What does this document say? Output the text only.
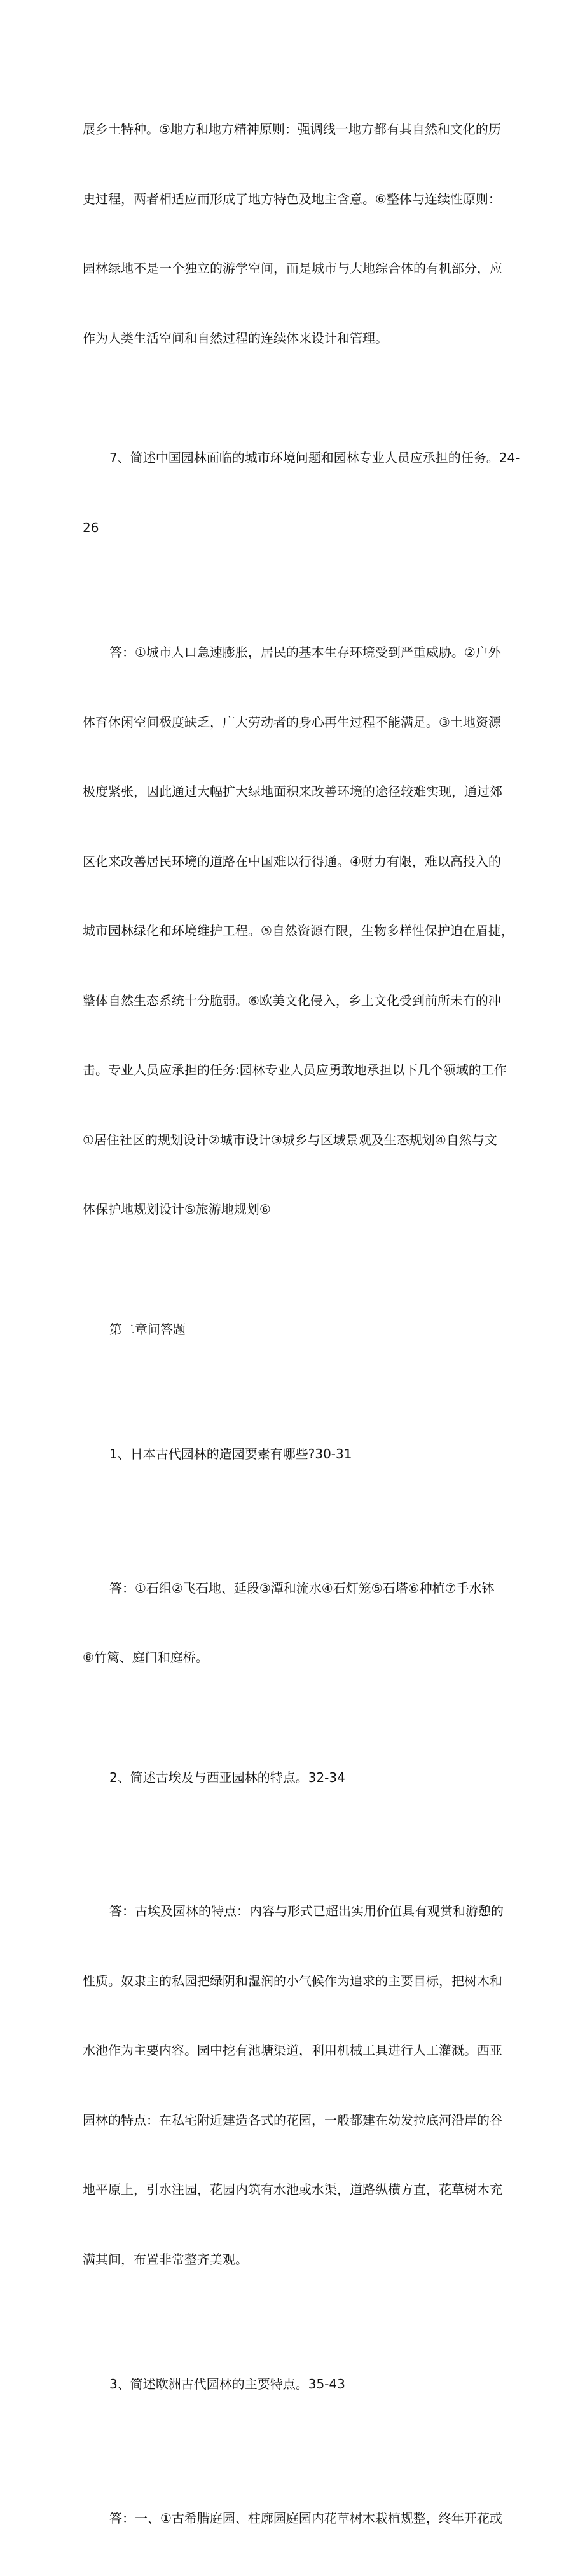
展乡土特种。⑤地方和地方精神原则：强调线一地方都有其自然和文化的历

史过程，两者相适应而形成了地方特色及地主含意。⑥整体与连续性原则：

园林绿地不是一个独立的游学空间，而是城市与大地综合体的有机部分，应

作为人类生活空间和自然过程的连续体来设计和管理。

7、简述中国园林面临的城市环境问题和园林专业人员应承担的任务。24-

26

答：①城市人口急速膨胀，居民的基本生存环境受到严重威胁。②户外

体育休闲空间极度缺乏，广大劳动者的身心再生过程不能满足。③土地资源

极度紧张，因此通过大幅扩大绿地面积来改善环境的途径较难实现，通过郊

区化来改善居民环境的道路在中国难以行得通。④财力有限，难以高投入的

城市园林绿化和环境维护工程。⑤自然资源有限，生物多样性保护迫在眉捷，

整体自然生态系统十分脆弱。⑥欧美文化侵入，乡土文化受到前所未有的冲

击。专业人员应承担的任务:园林专业人员应勇敢地承担以下几个领域的工作

①居住社区的规划设计②城市设计③城乡与区域景观及生态规划④自然与文

体保护地规划设计⑤旅游地规划⑥

第二章问答题

1、日本古代园林的造园要素有哪些?30-31

答：①石组②飞石地、延段③潭和流水④石灯笼⑤石塔⑥种植⑦手水钵

⑧竹篱、庭门和庭桥。

2、简述古埃及与西亚园林的特点。32-34

答：古埃及园林的特点：内容与形式已超出实用价值具有观赏和游憩的

性质。奴隶主的私园把绿阴和湿润的小气候作为追求的主要目标，把树木和

水池作为主要内容。园中挖有池塘渠道，利用机械工具进行人工灌溉。西亚

园林的特点：在私宅附近建造各式的花园，一般都建在幼发拉底河沿岸的谷

地平原上，引水注园，花园内筑有水池或水渠，道路纵横方直，花草树木充

满其间，布置非常整齐美观。

3、简述欧洲古代园林的主要特点。35-43

答：一、①古希腊庭园、柱廓园庭园内花草树木栽植规整，终年开花或
